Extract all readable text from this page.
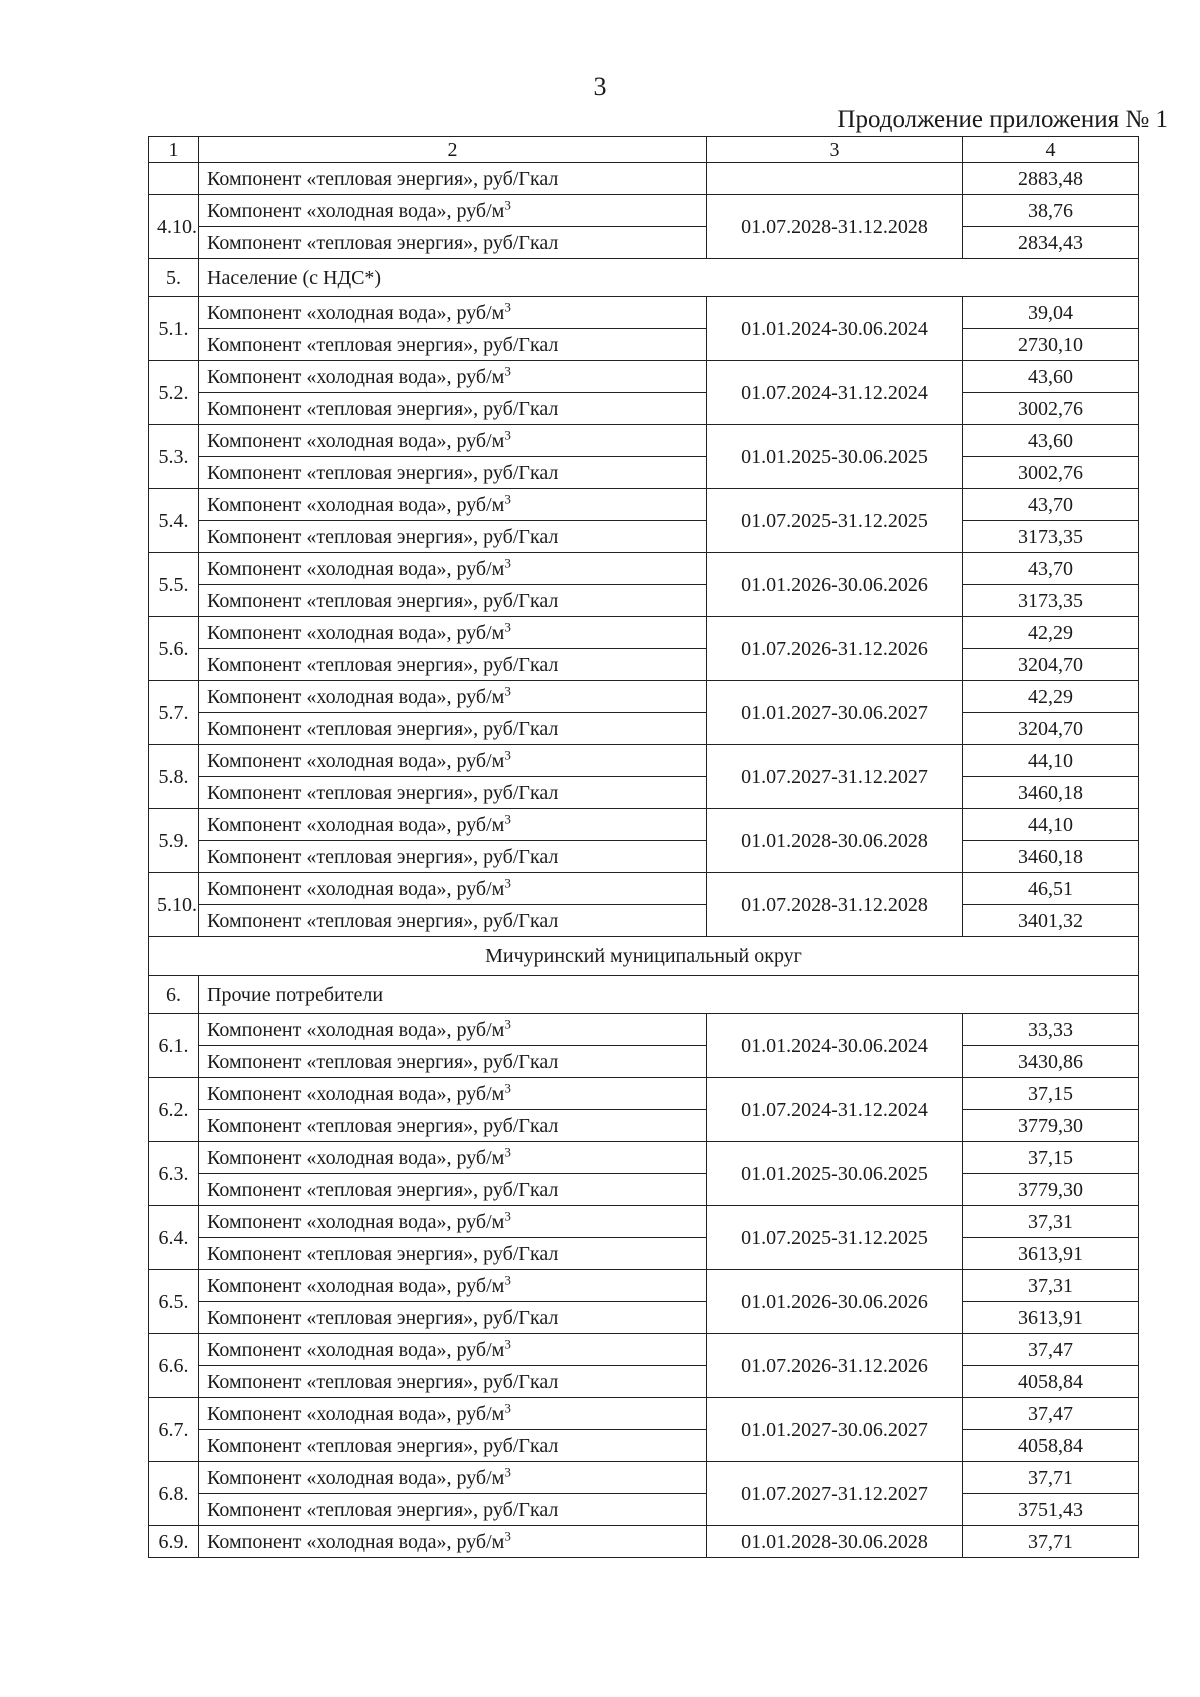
3
Продолжение приложения № 1
1	2	3	4
	Компонент «тепловая энергия», руб/Гкал		2883,48
4.10.	Компонент «холодная вода», руб/$м^3$	01.07.2028-31.12.2028	38,76
	Компонент «тепловая энергия», руб/Гкал		2834,43
5.	Население (с НДС*)		
5.1.	Компонент «холодная вода», руб/$м^3$	01.01.2024-30.06.2024	39,04
	Компонент «тепловая энергия», руб/Гкал		2730,10
5.2.	Компонент «холодная вода», руб/$м^3$	01.07.2024-31.12.2024	43,60
	Компонент «тепловая энергия», руб/Гкал		3002,76
5.3.	Компонент «холодная вода», руб/$м^3$	01.01.2025-30.06.2025	43,60
	Компонент «тепловая энергия», руб/Гкал		3002,76
5.4.	Компонент «холодная вода», руб/$м^3$	01.07.2025-31.12.2025	43,70
	Компонент «тепловая энергия», руб/Гкал		3173,35
5.5.	Компонент «холодная вода», руб/$м^3$	01.01.2026-30.06.2026	43,70
	Компонент «тепловая энергия», руб/Гкал		3173,35
5.6.	Компонент «холодная вода», руб/$м^3$	01.07.2026-31.12.2026	42,29
	Компонент «тепловая энергия», руб/Гкал		3204,70
5.7.	Компонент «холодная вода», руб/$м^3$	01.01.2027-30.06.2027	42,29
	Компонент «тепловая энергия», руб/Гкал		3204,70
5.8.	Компонент «холодная вода», руб/$м^3$	01.07.2027-31.12.2027	44,10
	Компонент «тепловая энергия», руб/Гкал		3460,18
5.9.	Компонент «холодная вода», руб/$м^3$	01.01.2028-30.06.2028	44,10
	Компонент «тепловая энергия», руб/Гкал		3460,18
5.10.	Компонент «холодная вода», руб/$м^3$	01.07.2028-31.12.2028	46,51
	Компонент «тепловая энергия», руб/Гкал		3401,32
Мичуринский муниципальный округ			
6.	Прочие потребители		
6.1.	Компонент «холодная вода», руб/$м^3$	01.01.2024-30.06.2024	33,33
	Компонент «тепловая энергия», руб/Гкал		3430,86
6.2.	Компонент «холодная вода», руб/$м^3$	01.07.2024-31.12.2024	37,15
	Компонент «тепловая энергия», руб/Гкал		3779,30
6.3.	Компонент «холодная вода», руб/$м^3$	01.01.2025-30.06.2025	37,15
	Компонент «тепловая энергия», руб/Гкал		3779,30
6.4.	Компонент «холодная вода», руб/$м^3$	01.07.2025-31.12.2025	37,31
	Компонент «тепловая энергия», руб/Гкал		3613,91
6.5.	Компонент «холодная вода», руб/$м^3$	01.01.2026-30.06.2026	37,31
	Компонент «тепловая энергия», руб/Гкал		3613,91
6.6.	Компонент «холодная вода», руб/$м^3$	01.07.2026-31.12.2026	37,47
	Компонент «тепловая энергия», руб/Гкал		4058,84
6.7.	Компонент «холодная вода», руб/$м^3$	01.01.2027-30.06.2027	37,47
	Компонент «тепловая энергия», руб/Гкал		4058,84
6.8.	Компонент «холодная вода», руб/$м^3$	01.07.2027-31.12.2027	37,71
	Компонент «тепловая энергия», руб/Гкал		3751,43
6.9.	Компонент «холодная вода», руб/$м^3$	01.01.2028-30.06.2028	37,71
